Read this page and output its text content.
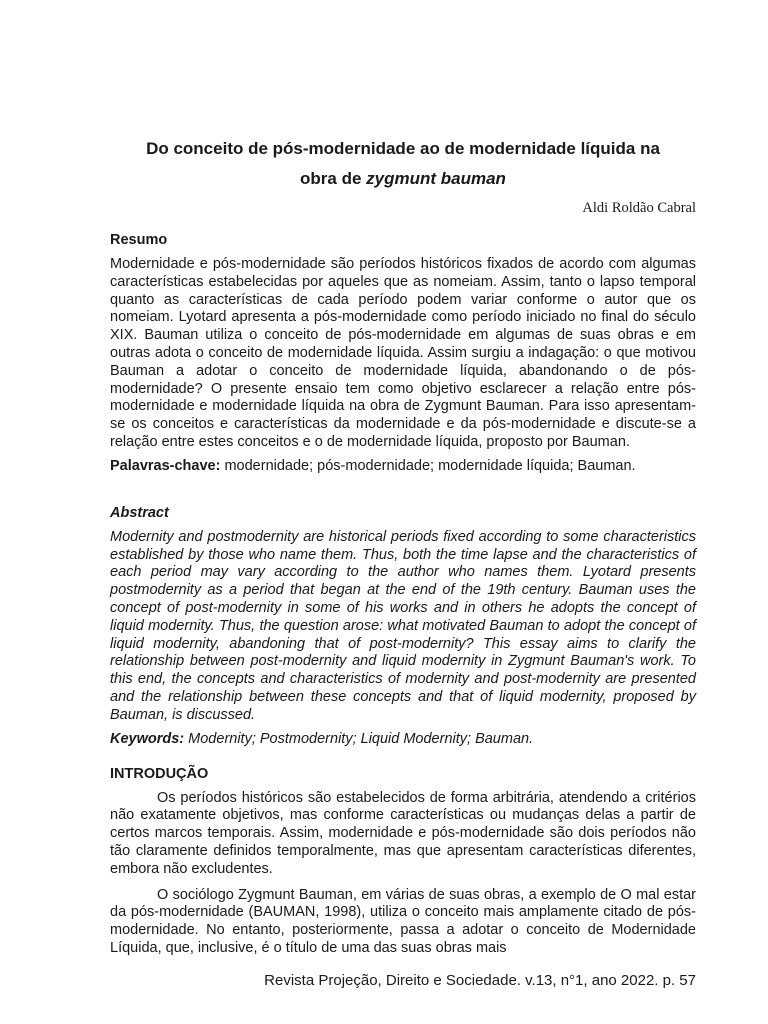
Do conceito de pós-modernidade ao de modernidade líquida na
obra de zygmunt bauman
Aldi Roldão Cabral
Resumo

Modernidade e pós-modernidade são períodos históricos fixados de acordo com algumas características estabelecidas por aqueles que as nomeiam. Assim, tanto o lapso temporal quanto as características de cada período podem variar conforme o autor que os nomeiam. Lyotard apresenta a pós-modernidade como período iniciado no final do século XIX. Bauman utiliza o conceito de pós-modernidade em algumas de suas obras e em outras adota o conceito de modernidade líquida. Assim surgiu a indagação: o que motivou Bauman a adotar o conceito de modernidade líquida, abandonando o de pós-modernidade? O presente ensaio tem como objetivo esclarecer a relação entre pós-modernidade e modernidade líquida na obra de Zygmunt Bauman. Para isso apresentam-se os conceitos e características da modernidade e da pós-modernidade e discute-se a relação entre estes conceitos e o de modernidade líquida, proposto por Bauman.

Palavras-chave: modernidade; pós-modernidade; modernidade líquida; Bauman.
Abstract

Modernity and postmodernity are historical periods fixed according to some characteristics established by those who name them. Thus, both the time lapse and the characteristics of each period may vary according to the author who names them. Lyotard presents postmodernity as a period that began at the end of the 19th century. Bauman uses the concept of post-modernity in some of his works and in others he adopts the concept of liquid modernity. Thus, the question arose: what motivated Bauman to adopt the concept of liquid modernity, abandoning that of post-modernity? This essay aims to clarify the relationship between post-modernity and liquid modernity in Zygmunt Bauman's work. To this end, the concepts and characteristics of modernity and post-modernity are presented and the relationship between these concepts and that of liquid modernity, proposed by Bauman, is discussed.

Keywords: Modernity; Postmodernity; Liquid Modernity; Bauman.
INTRODUÇÃO

Os períodos históricos são estabelecidos de forma arbitrária, atendendo a critérios não exatamente objetivos, mas conforme características ou mudanças delas a partir de certos marcos temporais. Assim, modernidade e pós-modernidade são dois períodos não tão claramente definidos temporalmente, mas que apresentam características diferentes, embora não excludentes.

O sociólogo Zygmunt Bauman, em várias de suas obras, a exemplo de O mal estar da pós-modernidade (BAUMAN, 1998), utiliza o conceito mais amplamente citado de pós-modernidade. No entanto, posteriormente, passa a adotar o conceito de Modernidade Líquida, que, inclusive, é o título de uma das suas obras mais

Revista Projeção, Direito e Sociedade. v.13, n°1, ano 2022. p. 57
